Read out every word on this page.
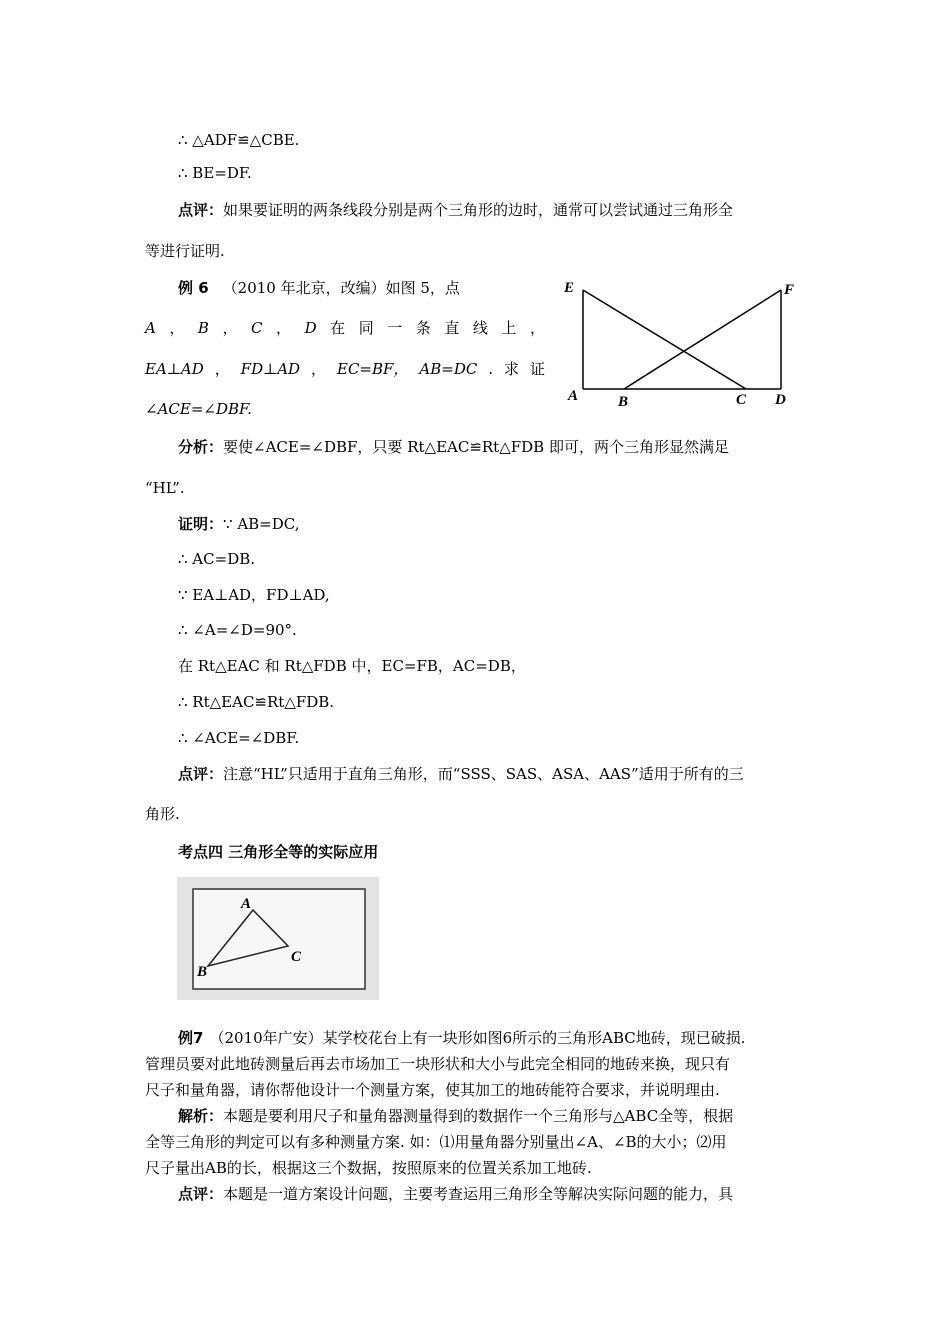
∴ △ADF≌△CBE.
∴ BE=DF.
点评：如果要证明的两条线段分别是两个三角形的边时，通常可以尝试通过三角形全
等进行证明.
例 6 （2010 年北京，改编）如图 5，点
A ， B ， C ， D 在 同 一 条 直 线 上 ，
EA⊥AD ， FD⊥AD ， EC=BF， AB=DC . 求 证
∠ACE=∠DBF.
E	F
A	B	C D
分析：要使∠ACE=∠DBF，只要 Rt△EAC≌Rt△FDB 即可，两个三角形显然满足
“HL”.
证明：∵ AB=DC,
∴ AC=DB.
∵ EA⊥AD，FD⊥AD,
∴ ∠A=∠D=90°.
在 Rt△EAC 和 Rt△FDB 中，EC=FB，AC=DB，
∴ Rt△EAC≌Rt△FDB.
∴ ∠ACE=∠DBF.
点评：注意“HL”只适用于直角三角形，而“SSS、SAS、ASA、AAS”适用于所有的三
角形.
考点四 三角形全等的实际应用
A
B
C
例7 （2010年广安）某学校花台上有一块形如图6所示的三角形ABC地砖，现已破损.
管理员要对此地砖测量后再去市场加工一块形状和大小与此完全相同的地砖来换，现只有
尺子和量角器，请你帮他设计一个测量方案，使其加工的地砖能符合要求，并说明理由.
解析：本题是要利用尺子和量角器测量得到的数据作一个三角形与△ABC全等，根据
全等三角形的判定可以有多种测量方案. 如：⑴用量角器分别量出∠A、∠B的大小；⑵用
尺子量出AB的长，根据这三个数据，按照原来的位置关系加工地砖.
点评：本题是一道方案设计问题，主要考查运用三角形全等解决实际问题的能力，具
